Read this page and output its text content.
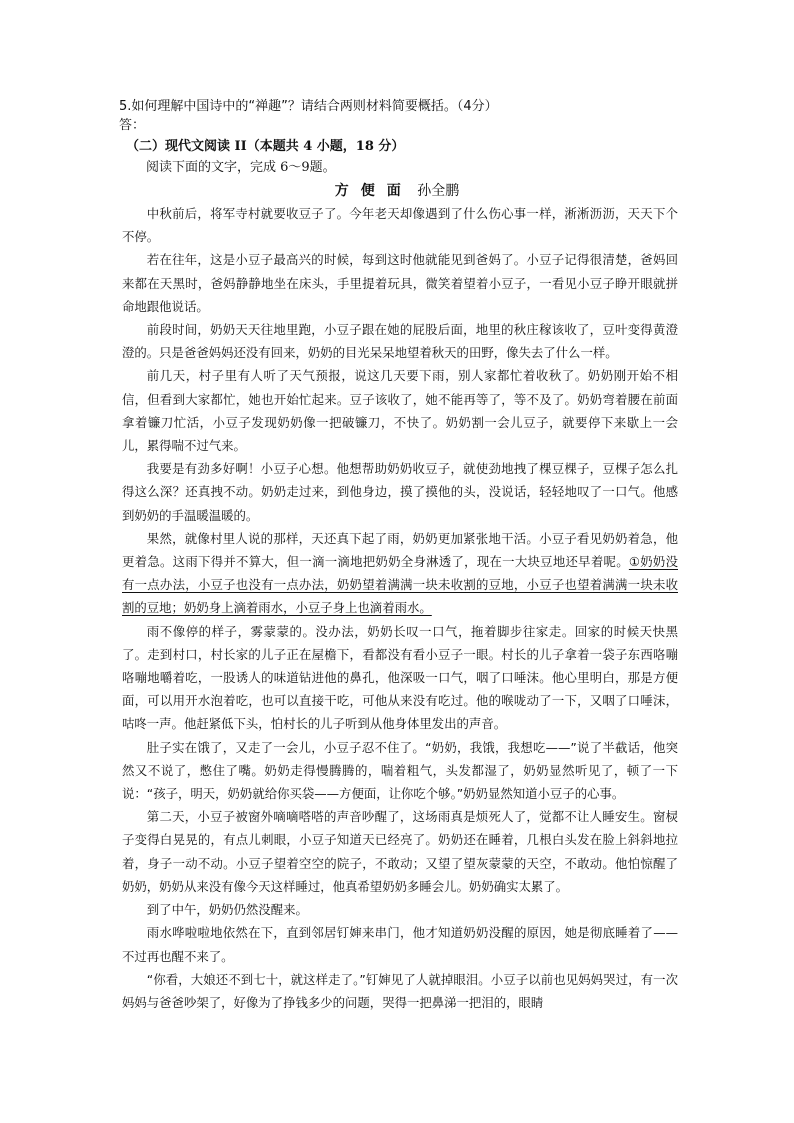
5.如何理解中国诗中的“禅趣”？请结合两则材料简要概括。（4分）
答：
（二）现代文阅读 II（本题共 4 小题，18 分）
阅读下面的文字，完成 6～9题。
方便面 孙全鹏

中秋前后，将军寺村就要收豆子了。今年老天却像遇到了什么伤心事一样，淅淅沥沥，天天下个不停。

若在往年，这是小豆子最高兴的时候，每到这时他就能见到爸妈了。小豆子记得很清楚，爸妈回来都在天黑时，爸妈静静地坐在床头，手里提着玩具，微笑着望着小豆子，一看见小豆子睁开眼就拼命地跟他说话。

前段时间，奶奶天天往地里跑，小豆子跟在她的屁股后面，地里的秋庄稼该收了，豆叶变得黄澄澄的。只是爸爸妈妈还没有回来，奶奶的目光呆呆地望着秋天的田野，像失去了什么一样。

前几天，村子里有人听了天气预报，说这几天要下雨，别人家都忙着收秋了。奶奶刚开始不相信，但看到大家都忙，她也开始忙起来。豆子该收了，她不能再等了，等不及了。奶奶弯着腰在前面拿着镰刀忙活，小豆子发现奶奶像一把破镰刀，不快了。奶奶割一会儿豆子，就要停下来歇上一会儿，累得喘不过气来。

我要是有劲多好啊！小豆子心想。他想帮助奶奶收豆子，就使劲地拽了棵豆棵子，豆棵子怎么扎得这么深？还真拽不动。奶奶走过来，到他身边，摸了摸他的头，没说话，轻轻地叹了一口气。他感到奶奶的手温暖温暖的。

果然，就像村里人说的那样，天还真下起了雨，奶奶更加紧张地干活。小豆子看见奶奶着急，他更着急。这雨下得并不算大，但一滴一滴地把奶奶全身淋透了，现在一大块豆地还早着呢。①奶奶没有一点办法，小豆子也没有一点办法，奶奶望着满满一块未收割的豆地，小豆子也望着满满一块未收割的豆地；奶奶身上滴着雨水，小豆子身上也滴着雨水。

雨不像停的样子，雾蒙蒙的。没办法，奶奶长叹一口气，拖着脚步往家走。回家的时候天快黑了。走到村口，村长家的儿子正在屋檐下，看都没有看小豆子一眼。村长的儿子拿着一袋子东西咯嘣咯嘣地嚼着吃，一股诱人的味道钻进他的鼻孔，他深吸一口气，咽了口唾沫。他心里明白，那是方便面，可以用开水泡着吃，也可以直接干吃，可他从来没有吃过。他的喉咙动了一下，又咽了口唾沫，咕咚一声。他赶紧低下头，怕村长的儿子听到从他身体里发出的声音。

肚子实在饿了，又走了一会儿，小豆子忍不住了。“奶奶，我饿，我想吃——”说了半截话，他突然又不说了，憋住了嘴。奶奶走得慢腾腾的，喘着粗气，头发都湿了，奶奶显然听见了，顿了一下说：“孩子，明天，奶奶就给你买袋——方便面，让你吃个够。”奶奶显然知道小豆子的心事。

第二天，小豆子被窗外嘀嘀嗒嗒的声音吵醒了，这场雨真是烦死人了，觉都不让人睡安生。窗棂子变得白晃晃的，有点儿刺眼，小豆子知道天已经亮了。奶奶还在睡着，几根白头发在脸上斜斜地拉着，身子一动不动。小豆子望着空空的院子，不敢动；又望了望灰蒙蒙的天空，不敢动。他怕惊醒了奶奶，奶奶从来没有像今天这样睡过，他真希望奶奶多睡会儿。奶奶确实太累了。

到了中午，奶奶仍然没醒来。

雨水哗啦啦地依然在下，直到邻居钉婶来串门，他才知道奶奶没醒的原因，她是彻底睡着了——不过再也醒不来了。

“你看，大娘还不到七十，就这样走了。”钉婶见了人就掉眼泪。小豆子以前也见妈妈哭过，有一次妈妈与爸爸吵架了，好像为了挣钱多少的问题，哭得一把鼻涕一把泪的，眼睛
